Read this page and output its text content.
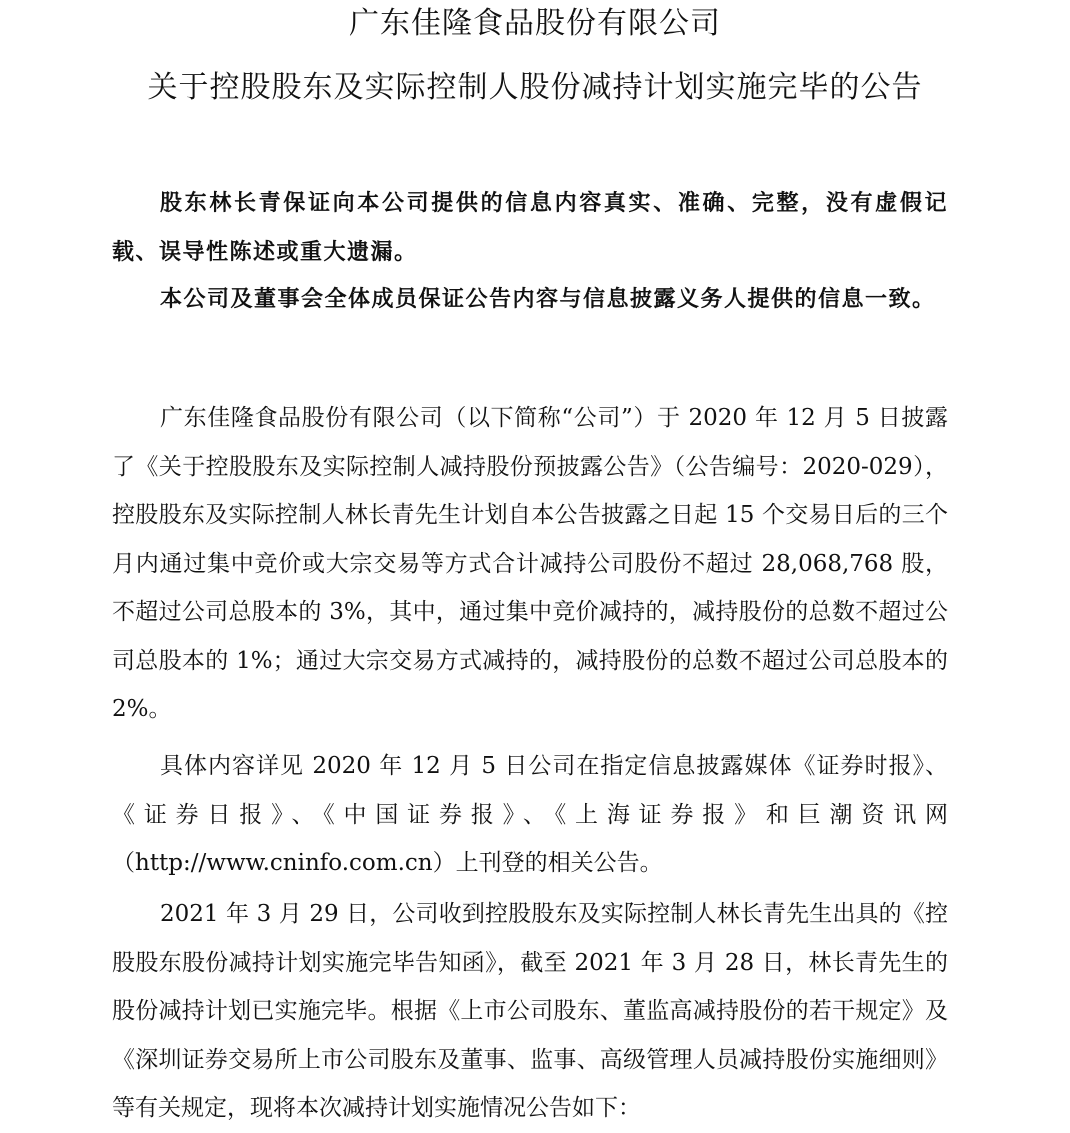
广东佳隆食品股份有限公司
关于控股股东及实际控制人股份减持计划实施完毕的公告

股东林长青保证向本公司提供的信息内容真实、准确、完整，没有虚假记载、误导性陈述或重大遗漏。

本公司及董事会全体成员保证公告内容与信息披露义务人提供的信息一致。

广东佳隆食品股份有限公司（以下简称“公司”）于 2020 年 12 月 5 日披露了《关于控股股东及实际控制人减持股份预披露公告》（公告编号：2020-029），控股股东及实际控制人林长青先生计划自本公告披露之日起 15 个交易日后的三个月内通过集中竞价或大宗交易等方式合计减持公司股份不超过 28,068,768 股，不超过公司总股本的 3%，其中，通过集中竞价减持的，减持股份的总数不超过公司总股本的 1%；通过大宗交易方式减持的，减持股份的总数不超过公司总股本的 2%。

具体内容详见 2020 年 12 月 5 日公司在指定信息披露媒体《证券时报》、《证券日报》、《中国证券报》、《上海证券报》和巨潮资讯网（http://www.cninfo.com.cn）上刊登的相关公告。

2021 年 3 月 29 日，公司收到控股股东及实际控制人林长青先生出具的《控股股东股份减持计划实施完毕告知函》，截至 2021 年 3 月 28 日，林长青先生的股份减持计划已实施完毕。根据《上市公司股东、董监高减持股份的若干规定》及《深圳证券交易所上市公司股东及董事、监事、高级管理人员减持股份实施细则》等有关规定，现将本次减持计划实施情况公告如下：
